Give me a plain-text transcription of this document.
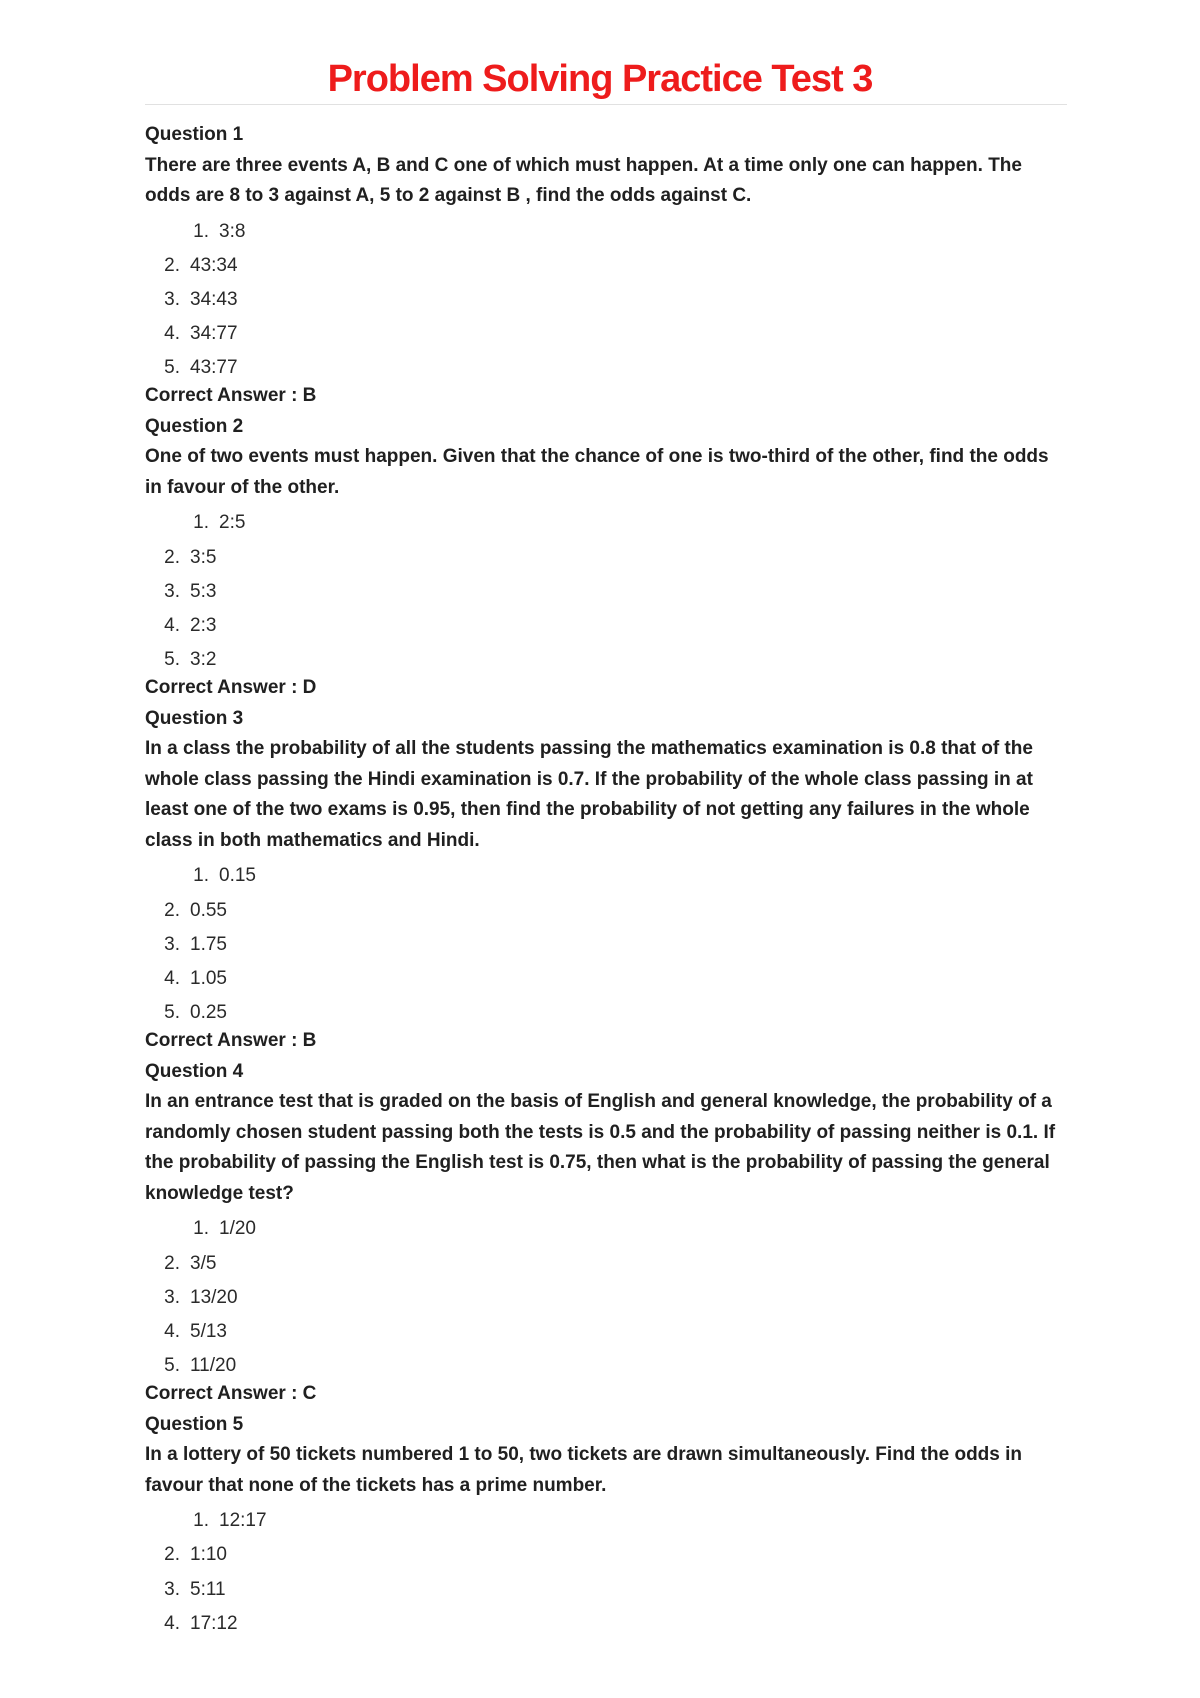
Problem Solving Practice Test 3

Question 1

There are three events A, B and C one of which must happen. At a time only one can happen. The odds are 8 to 3 against A, 5 to 2 against B , find the odds against C.

1. 3:8
2. 43:34
3. 34:43
4. 34:77
5. 43:77

Correct Answer : B

Question 2

One of two events must happen. Given that the chance of one is two-third of the other, find the odds in favour of the other.

1. 2:5
2. 3:5
3. 5:3
4. 2:3
5. 3:2

Correct Answer : D

Question 3

In a class the probability of all the students passing the mathematics examination is 0.8 that of the whole class passing the Hindi examination is 0.7. If the probability of the whole class passing in at least one of the two exams is 0.95, then find the probability of not getting any failures in the whole class in both mathematics and Hindi.

1. 0.15
2. 0.55
3. 1.75
4. 1.05
5. 0.25

Correct Answer : B

Question 4

In an entrance test that is graded on the basis of English and general knowledge, the probability of a randomly chosen student passing both the tests is 0.5 and the probability of passing neither is 0.1. If the probability of passing the English test is 0.75, then what is the probability of passing the general knowledge test?

1. 1/20
2. 3/5
3. 13/20
4. 5/13
5. 11/20

Correct Answer : C

Question 5

In a lottery of 50 tickets numbered 1 to 50, two tickets are drawn simultaneously. Find the odds in favour that none of the tickets has a prime number.

1. 12:17
2. 1:10
3. 5:11
4. 17:12
